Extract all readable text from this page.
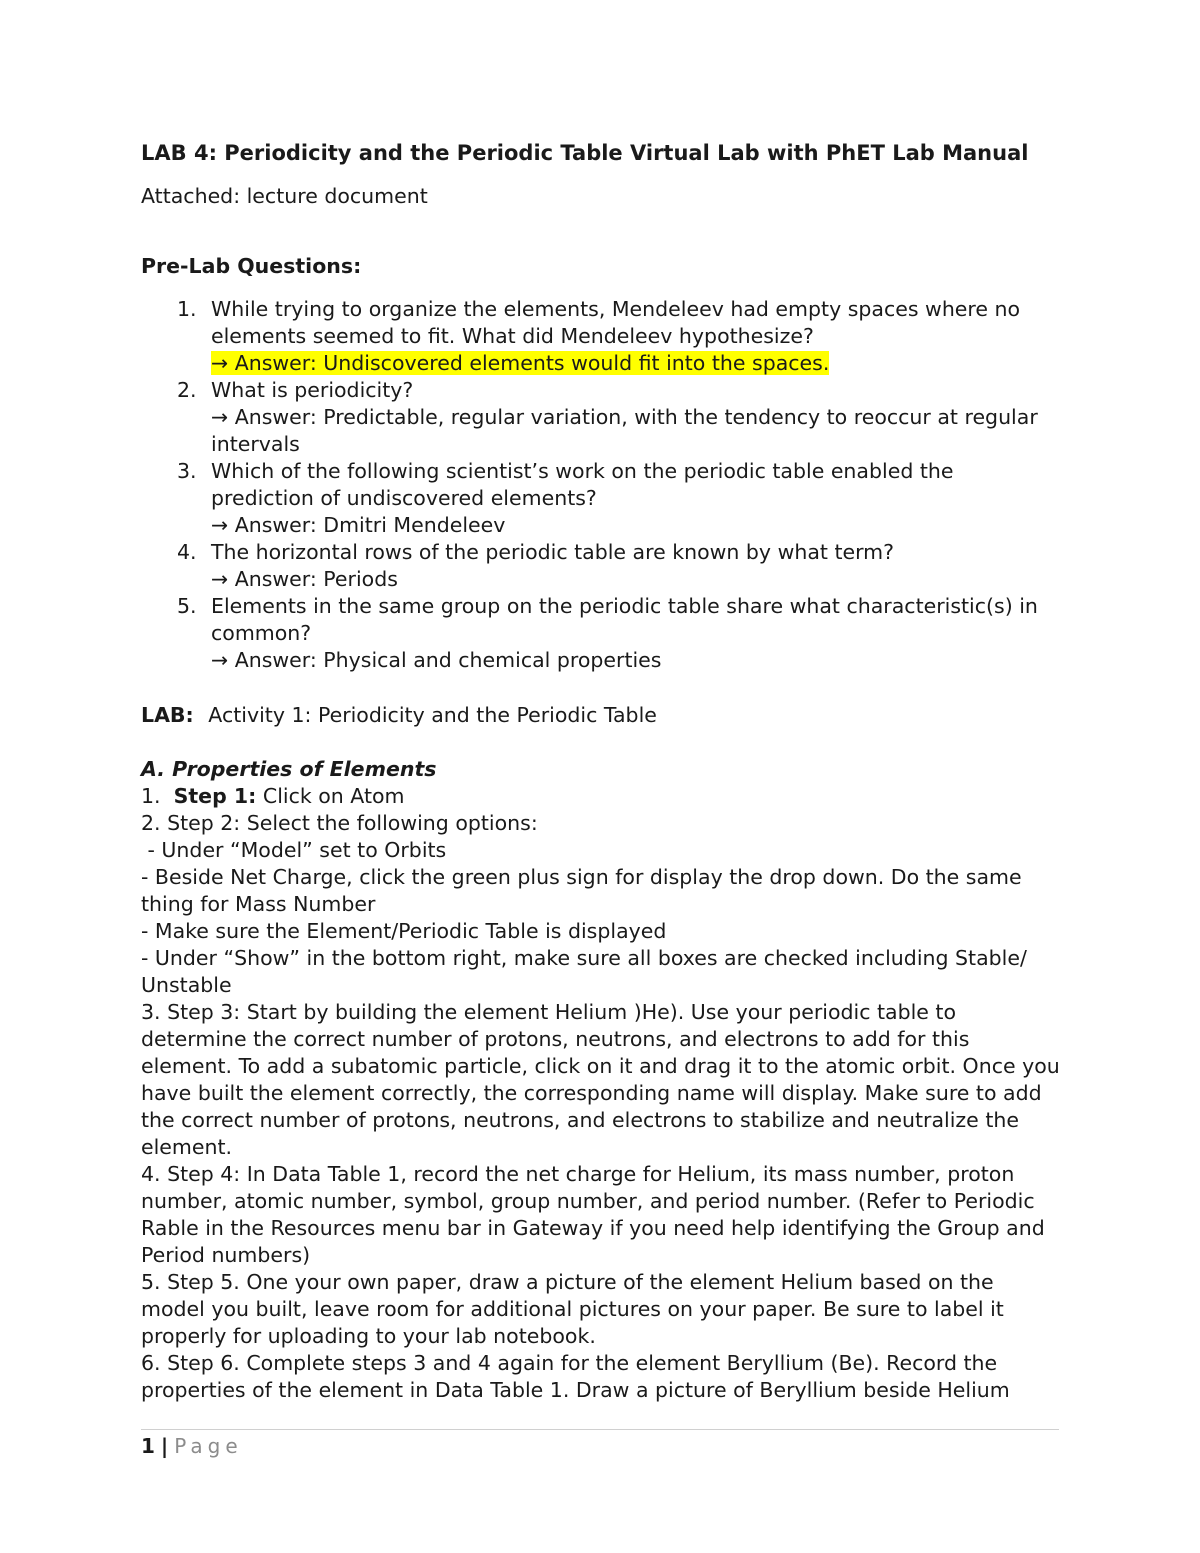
LAB 4: Periodicity and the Periodic Table Virtual Lab with PhET Lab Manual
Attached: lecture document
Pre-Lab Questions:
1. While trying to organize the elements, Mendeleev had empty spaces where no elements seemed to fit. What did Mendeleev hypothesize?
→ Answer: Undiscovered elements would fit into the spaces.
2. What is periodicity?
→ Answer: Predictable, regular variation, with the tendency to reoccur at regular intervals
3. Which of the following scientist’s work on the periodic table enabled the prediction of undiscovered elements?
→ Answer: Dmitri Mendeleev
4. The horizontal rows of the periodic table are known by what term?
→ Answer: Periods
5. Elements in the same group on the periodic table share what characteristic(s) in common?
→ Answer: Physical and chemical properties
LAB: Activity 1: Periodicity and the Periodic Table
A. Properties of Elements

1. Step 1: Click on Atom

2. Step 2: Select the following options:

- Under “Model” set to Orbits

- Beside Net Charge, click the green plus sign for display the drop down. Do the same thing for Mass Number

- Make sure the Element/Periodic Table is displayed

- Under “Show” in the bottom right, make sure all boxes are checked including Stable/ Unstable

3. Step 3: Start by building the element Helium )He). Use your periodic table to determine the correct number of protons, neutrons, and electrons to add for this element. To add a subatomic particle, click on it and drag it to the atomic orbit. Once you have built the element correctly, the corresponding name will display. Make sure to add the correct number of protons, neutrons, and electrons to stabilize and neutralize the element.

4. Step 4: In Data Table 1, record the net charge for Helium, its mass number, proton number, atomic number, symbol, group number, and period number. (Refer to Periodic Rable in the Resources menu bar in Gateway if you need help identifying the Group and Period numbers)

5. Step 5. One your own paper, draw a picture of the element Helium based on the model you built, leave room for additional pictures on your paper. Be sure to label it properly for uploading to your lab notebook.

6. Step 6. Complete steps 3 and 4 again for the element Beryllium (Be). Record the properties of the element in Data Table 1. Draw a picture of Beryllium beside Helium

1 | Page
